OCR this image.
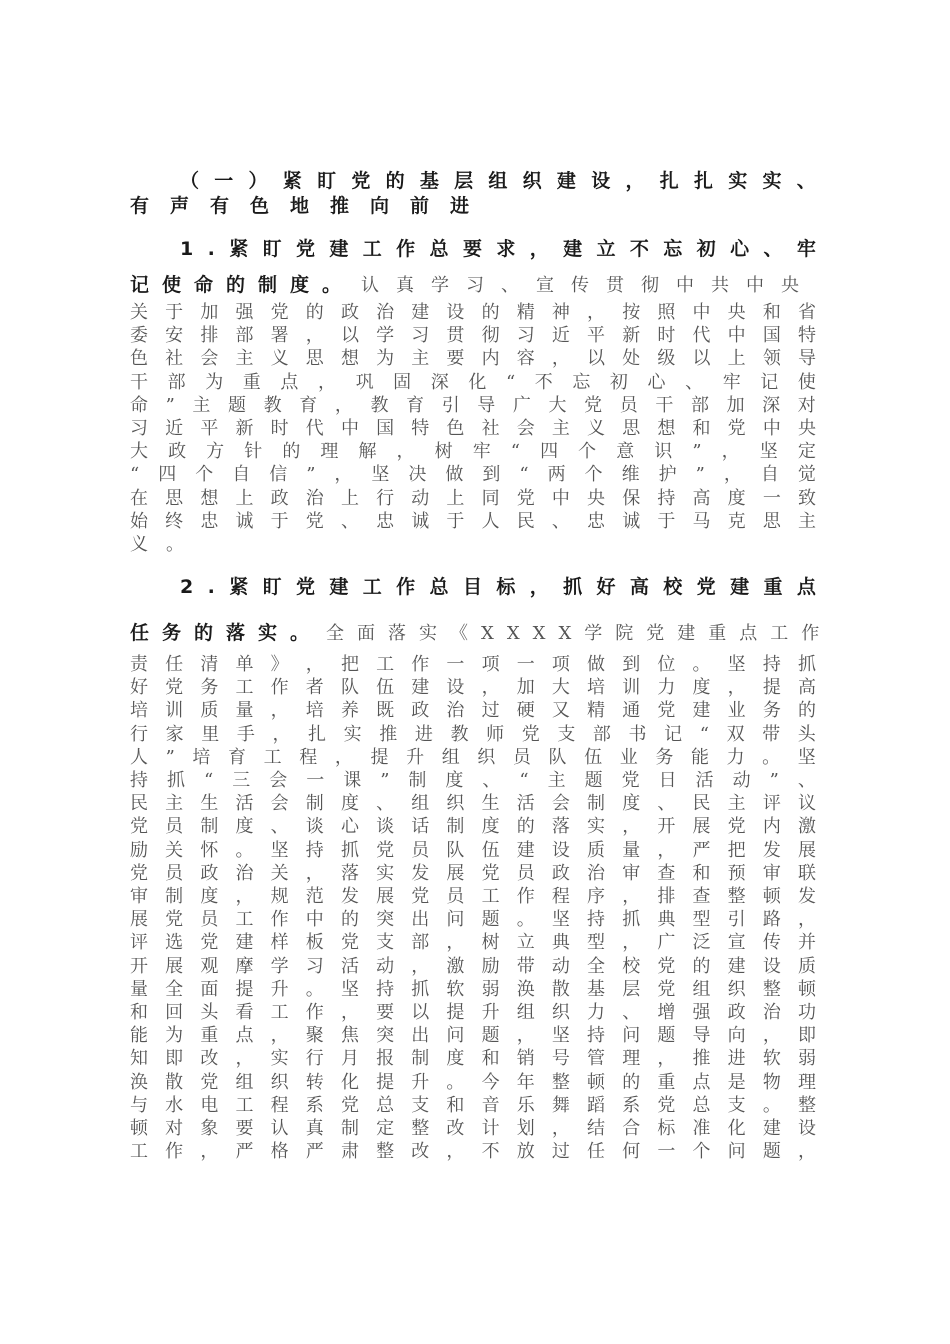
（ 一 ） 紧 盯 党 的 基 层 组 织 建 设 ， 扎 扎 实 实 、
有声有色地推向前进
1 . 紧 盯 党 建 工 作 总 要 求 ， 建 立 不 忘 初 心 、 牢
记使命的制度。 认真学习、宣传贯彻中共中央
关 于 加 强 党 的 政 治 建 设 的 精 神 ， 按 照 中 央 和 省
委 安 排 部 署 ， 以 学 习 贯 彻 习 近 平 新 时 代 中 国 特
色 社 会 主 义 思 想 为 主 要 内 容 ， 以 处 级 以 上 领 导
干 部 为 重 点 ， 巩 固 深 化 “ 不 忘 初 心 、 牢 记 使
命 ” 主 题 教 育 ， 教 育 引 导 广 大 党 员 干 部 加 深 对
习 近 平 新 时 代 中 国 特 色 社 会 主 义 思 想 和 党 中 央
大 政 方 针 的 理 解 ， 树 牢 “ 四 个 意 识 ” ， 坚 定
“ 四 个 自 信 ” ， 坚 决 做 到 “ 两 个 维 护 ” ， 自 觉
在 思 想 上 政 治 上 行 动 上 同 党 中 央 保 持 高 度 一 致
始 终 忠 诚 于 党 、 忠 诚 于 人 民 、 忠 诚 于 马 克 思 主
义。
2 . 紧 盯 党 建 工 作 总 目 标 ， 抓 好 高 校 党 建 重 点
任务的落实。 全面落实《XXXX学院党建重点工作
责 任 清 单 》 ， 把 工 作 一 项 一 项 做 到 位 。 坚 持 抓
好 党 务 工 作 者 队 伍 建 设 ， 加 大 培 训 力 度 ， 提 高
培 训 质 量 ， 培 养 既 政 治 过 硬 又 精 通 党 建 业 务 的
行 家 里 手 ， 扎 实 推 进 教 师 党 支 部 书 记 “ 双 带 头
人 ” 培 育 工 程 ， 提 升 组 织 员 队 伍 业 务 能 力 。 坚
持 抓 “ 三 会 一 课 ” 制 度 、 “ 主 题 党 日 活 动 ” 、
民 主 生 活 会 制 度 、 组 织 生 活 会 制 度 、 民 主 评 议
党 员 制 度 、 谈 心 谈 话 制 度 的 落 实 ， 开 展 党 内 激
励 关 怀 。 坚 持 抓 党 员 队 伍 建 设 质 量 ， 严 把 发 展
党 员 政 治 关 ， 落 实 发 展 党 员 政 治 审 查 和 预 审 联
审 制 度 ， 规 范 发 展 党 员 工 作 程 序 ， 排 查 整 顿 发
展 党 员 工 作 中 的 突 出 问 题 。 坚 持 抓 典 型 引 路 ，
评 选 党 建 样 板 党 支 部 ， 树 立 典 型 ， 广 泛 宣 传 并
开 展 观 摩 学 习 活 动 ， 激 励 带 动 全 校 党 的 建 设 质
量 全 面 提 升 。 坚 持 抓 软 弱 涣 散 基 层 党 组 织 整 顿
和 回 头 看 工 作 ， 要 以 提 升 组 织 力 、 增 强 政 治 功
能 为 重 点 ， 聚 焦 突 出 问 题 ， 坚 持 问 题 导 向 ， 即
知 即 改 ， 实 行 月 报 制 度 和 销 号 管 理 ， 推 进 软 弱
涣 散 党 组 织 转 化 提 升 。 今 年 整 顿 的 重 点 是 物 理
与 水 电 工 程 系 党 总 支 和 音 乐 舞 蹈 系 党 总 支 。 整
顿 对 象 要 认 真 制 定 整 改 计 划 ， 结 合 标 准 化 建 设
工 作 ， 严 格 严 肃 整 改 ， 不 放 过 任 何 一 个 问 题 ，
